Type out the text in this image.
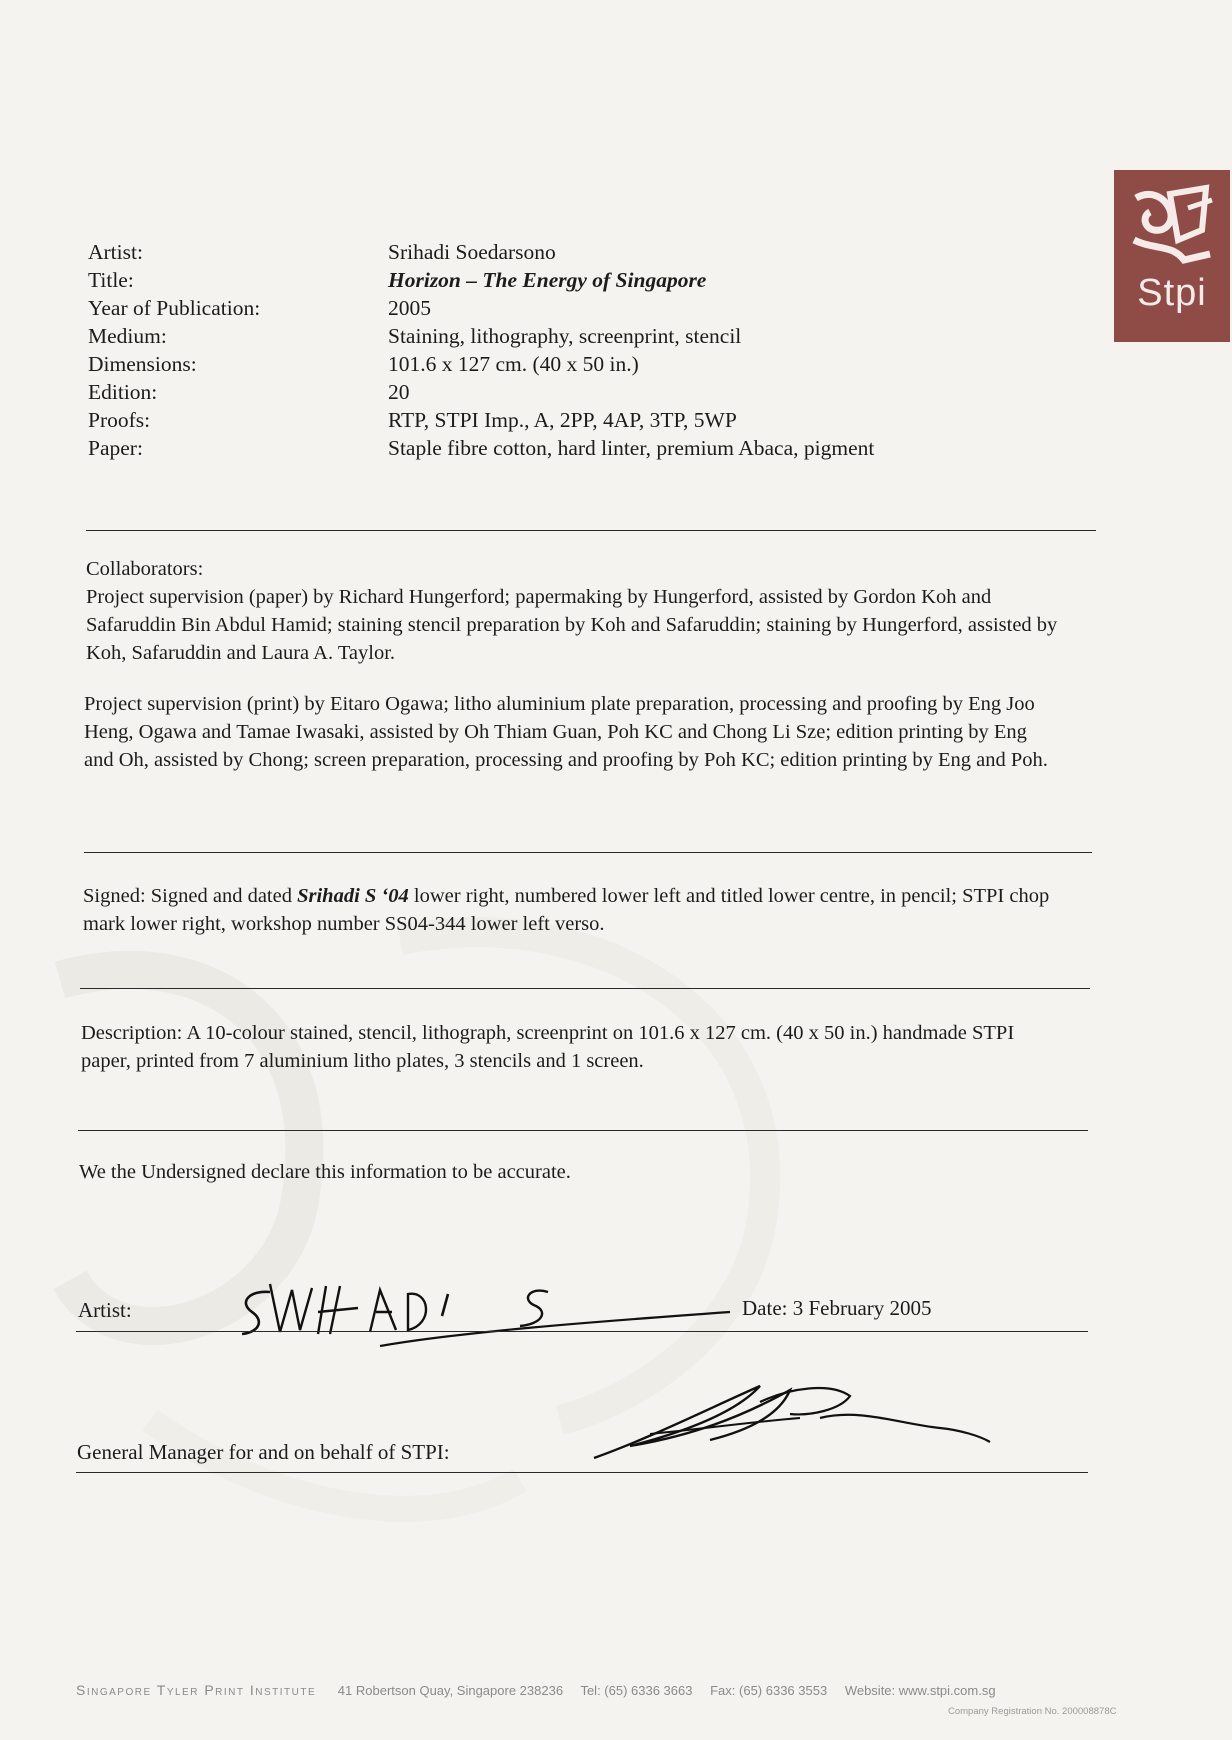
Stpi
Artist:	Srihadi Soedarsono
Title:	Horizon – The Energy of Singapore
Year of Publication:	2005
Medium:	Staining, lithography, screenprint, stencil
Dimensions:	101.6 x 127 cm. (40 x 50 in.)
Edition:	20
Proofs:	RTP, STPI Imp., A, 2PP, 4AP, 3TP, 5WP
Paper:	Staple fibre cotton, hard linter, premium Abaca, pigment

Collaborators:

Project supervision (paper) by Richard Hungerford; papermaking by Hungerford, assisted by Gordon Koh and Safaruddin Bin Abdul Hamid; staining stencil preparation by Koh and Safaruddin; staining by Hungerford, assisted by Koh, Safaruddin and Laura A. Taylor.

Project supervision (print) by Eitaro Ogawa; litho aluminium plate preparation, processing and proofing by Eng Joo Heng, Ogawa and Tamae Iwasaki, assisted by Oh Thiam Guan, Poh KC and Chong Li Sze; edition printing by Eng and Oh, assisted by Chong; screen preparation, processing and proofing by Poh KC; edition printing by Eng and Poh.

Signed: Signed and dated Srihadi S ‘04 lower right, numbered lower left and titled lower centre, in pencil; STPI chop mark lower right, workshop number SS04-344 lower left verso.

Description: A 10-colour stained, stencil, lithograph, screenprint on 101.6 x 127 cm. (40 x 50 in.) handmade STPI paper, printed from 7 aluminium litho plates, 3 stencils and 1 screen.

We the Undersigned declare this information to be accurate.
Artist:	Date: 3 February 2005
General Manager for and on behalf of STPI:
Singapore Tyler Print Institute 41 Robertson Quay, Singapore 238236 Tel: (65) 6336 3663 Fax: (65) 6336 3553 Website: www.stpi.com.sg
Company Registration No. 200008878C
